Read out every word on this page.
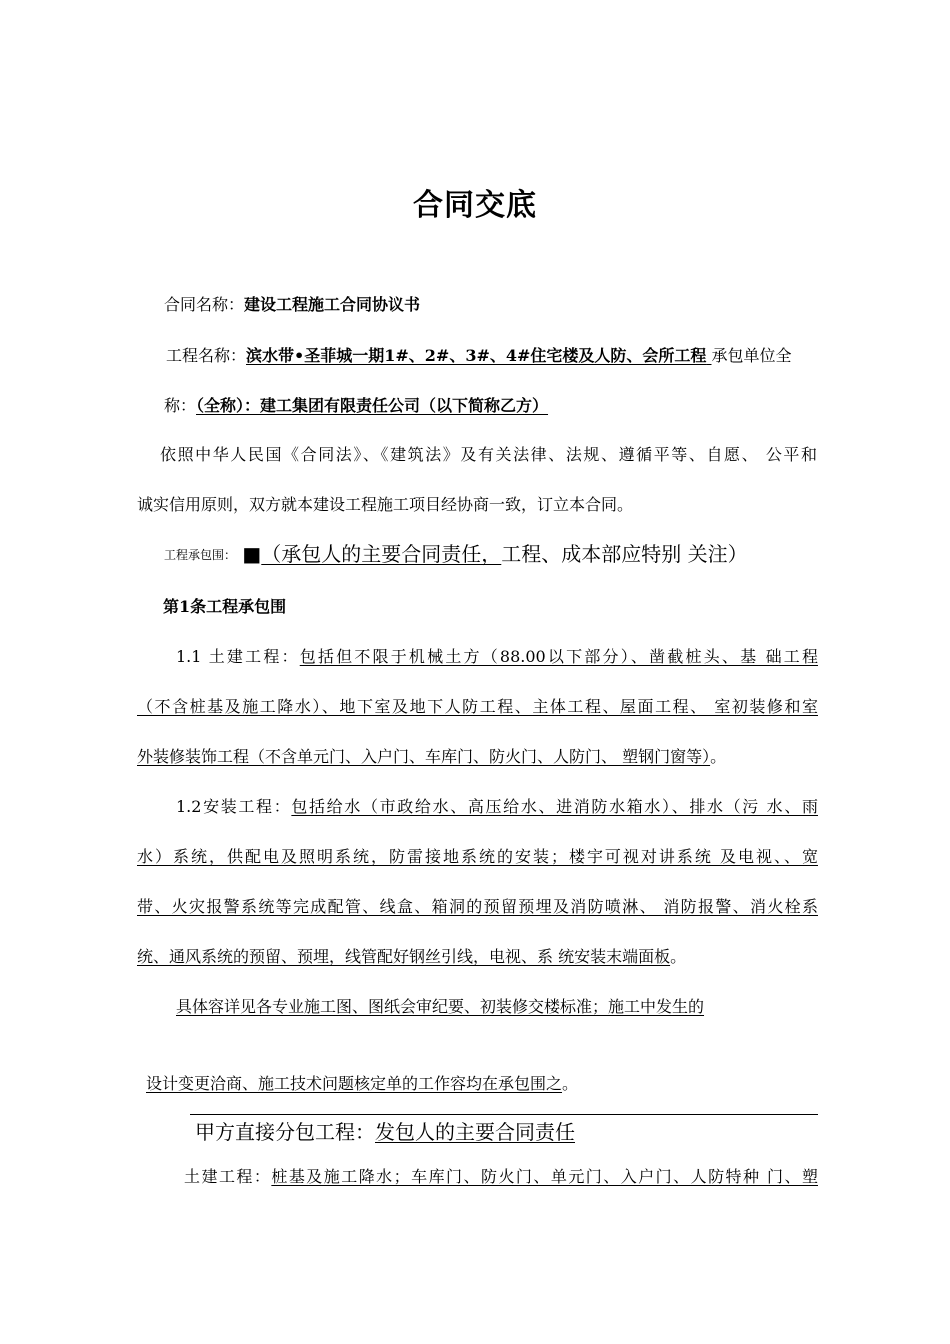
合同交底
合同名称：建设工程施工合同协议书
工程名称：滨水带•圣菲城一期1#、2#、3#、4#住宅楼及人防、会所工程 承包单位全
称：（全称）：建工集团有限责任公司（以下简称乙方）
依照中华人民国《合同法》、《建筑法》及有关法律、法规、遵循平等、自愿、 公平和
诚实信用原则，双方就本建设工程施工项目经协商一致，订立本合同。
工程承包围： ■（承包人的主要合同责任，工程、成本部应特别 关注）
第1条工程承包围
1.1 土建工程：包括但不限于机械土方（88.00以下部分）、凿截桩头、基 础工程
（不含桩基及施工降水）、地下室及地下人防工程、主体工程、屋面工程、 室初装修和室
外装修装饰工程（不含单元门、入户门、车库门、防火门、人防门、 塑钢门窗等）。
1.2安装工程：包括给水（市政给水、高压给水、进消防水箱水）、排水（污 水、雨
水）系统，供配电及照明系统，防雷接地系统的安装；楼宇可视对讲系统 及电视、、宽
带、火灾报警系统等完成配管、线盒、箱洞的预留预埋及消防喷淋、 消防报警、消火栓系
统、通风系统的预留、预埋，线管配好钢丝引线，电视、系 统安装末端面板。
具体容详见各专业施工图、图纸会审纪要、初装修交楼标准；施工中发生的
设计变更洽商、施工技术问题核定单的工作容均在承包围之。
甲方直接分包工程：发包人的主要合同责任
土建工程：桩基及施工降水；车库门、防火门、单元门、入户门、人防特种 门、塑
